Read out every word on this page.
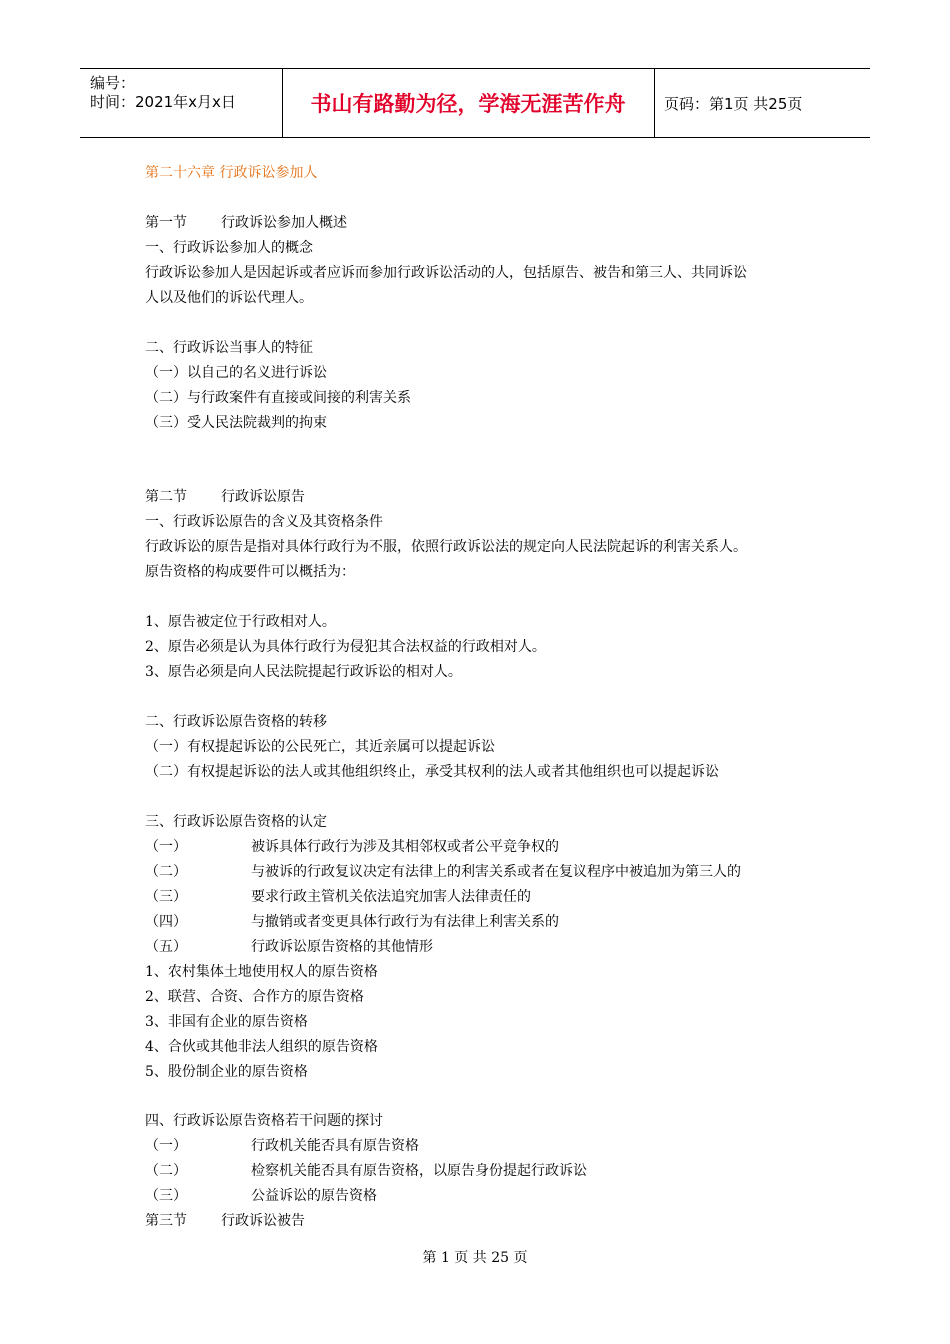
编号：
时间：2021年x月x日	书山有路勤为径，学海无涯苦作舟	页码：第1页 共25页
第二十六章 行政诉讼参加人
第一节 行政诉讼参加人概述
一、行政诉讼参加人的概念
行政诉讼参加人是因起诉或者应诉而参加行政诉讼活动的人，包括原告、被告和第三人、共同诉讼
人以及他们的诉讼代理人。
二、行政诉讼当事人的特征
（一）以自己的名义进行诉讼
（二）与行政案件有直接或间接的利害关系
（三）受人民法院裁判的拘束
第二节 行政诉讼原告
一、行政诉讼原告的含义及其资格条件
行政诉讼的原告是指对具体行政行为不服，依照行政诉讼法的规定向人民法院起诉的利害关系人。
原告资格的构成要件可以概括为：
1、原告被定位于行政相对人。
2、原告必须是认为具体行政行为侵犯其合法权益的行政相对人。
3、原告必须是向人民法院提起行政诉讼的相对人。
二、行政诉讼原告资格的转移
（一）有权提起诉讼的公民死亡，其近亲属可以提起诉讼
（二）有权提起诉讼的法人或其他组织终止，承受其权利的法人或者其他组织也可以提起诉讼
三、行政诉讼原告资格的认定
（一）	被诉具体行政行为涉及其相邻权或者公平竞争权的
（二）	与被诉的行政复议决定有法律上的利害关系或者在复议程序中被追加为第三人的
（三）	要求行政主管机关依法追究加害人法律责任的
（四）	与撤销或者变更具体行政行为有法律上利害关系的
（五）	行政诉讼原告资格的其他情形
1、农村集体土地使用权人的原告资格
2、联营、合资、合作方的原告资格
3、非国有企业的原告资格
4、合伙或其他非法人组织的原告资格
5、股份制企业的原告资格
四、行政诉讼原告资格若干问题的探讨
（一）	行政机关能否具有原告资格
（二）	检察机关能否具有原告资格，以原告身份提起行政诉讼
（三）	公益诉讼的原告资格
第三节 行政诉讼被告
第 1 页 共 25 页
